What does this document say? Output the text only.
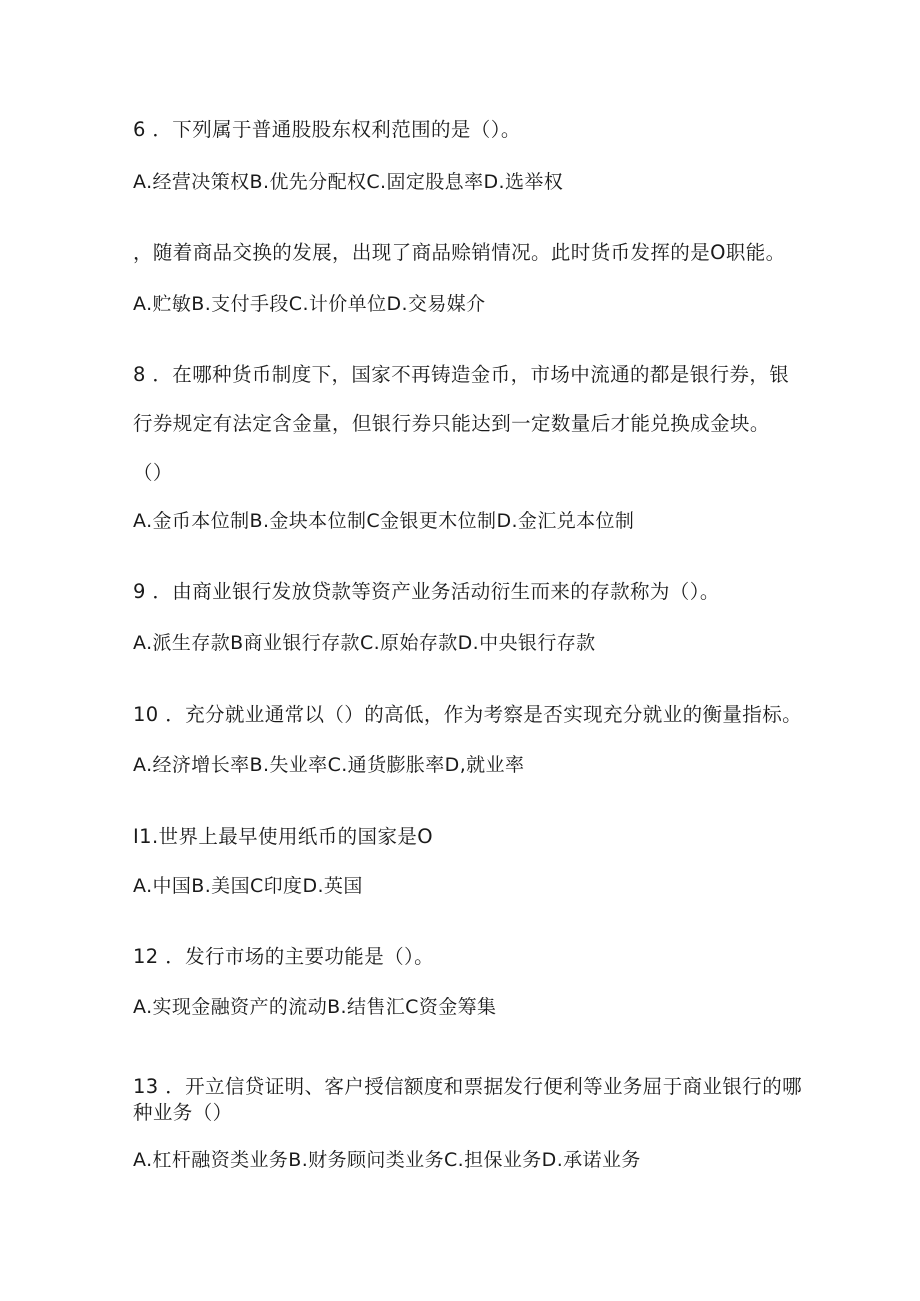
6 ．下列属于普通股股东权利范围的是（）。
A.经营决策权B.优先分配权C.固定股息率D.选举权
，随着商品交换的发展，出现了商品赊销情况。此时货币发挥的是O职能。
A.贮敏B.支付手段C.计价单位D.交易媒介
8 ．在哪种货币制度下，国家不再铸造金币，市场中流通的都是银行券，银
行券规定有法定含金量，但银行券只能达到一定数量后才能兑换成金块。
（）
A.金币本位制B.金块本位制C金银更木位制D.金汇兑本位制
9 ．由商业银行发放贷款等资产业务活动衍生而来的存款称为（）。
A.派生存款B商业银行存款C.原始存款D.中央银行存款
10 ．充分就业通常以（）的高低，作为考察是否实现充分就业的衡量指标。
A.经济增长率B.失业率C.通货膨胀率D,就业率
I1.世界上最早使用纸币的国家是O
A.中国B.美国C印度D.英国
12 ．发行市场的主要功能是（）。
A.实现金融资产的流动B.结售汇C资金筹集
13 ．开立信贷证明、客户授信额度和票据发行便利等业务屈于商业银行的哪
种业务（）
A.杠杆融资类业务B.财务顾问类业务C.担保业务D.承诺业务
